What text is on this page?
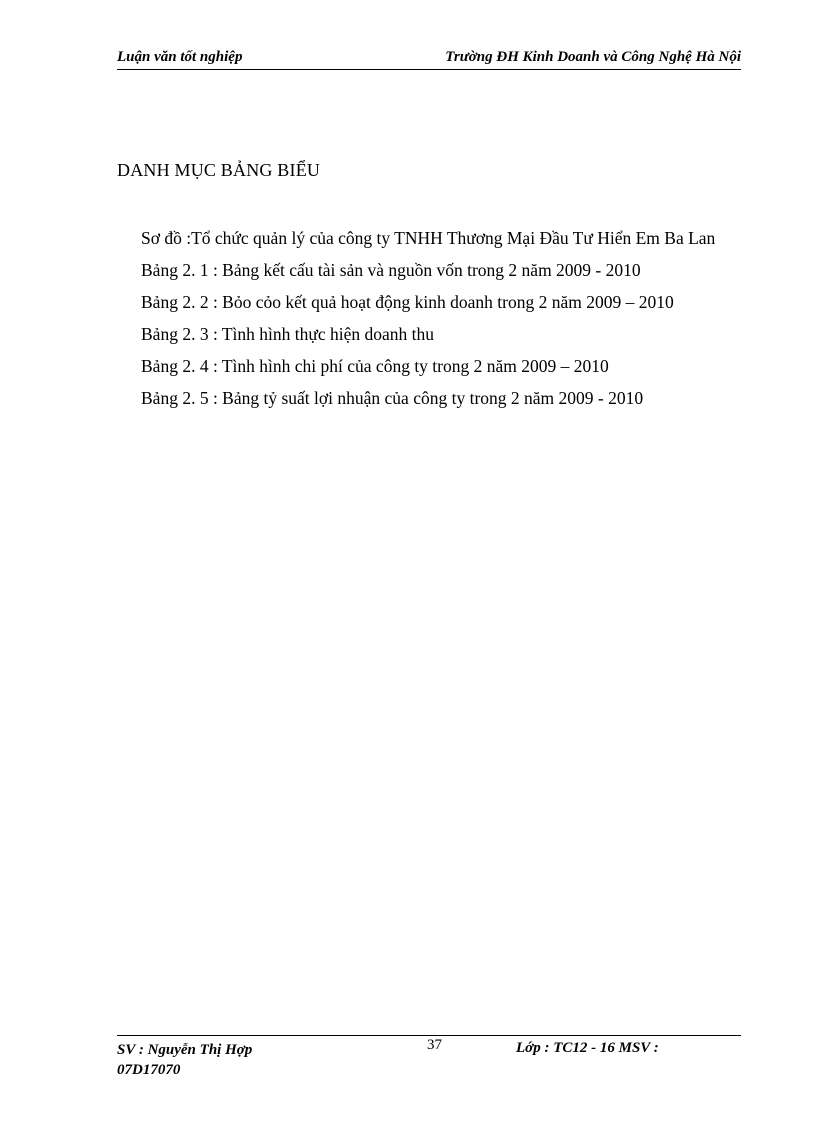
Luận văn tốt nghiệp	Trường ĐH Kinh Doanh và Công Nghệ Hà Nội
DANH MỤC BẢNG BIỂU
Sơ đồ :Tổ chức quản lý của công ty TNHH Thương Mại Đầu Tư Hiển Em Ba Lan
Bảng 2. 1 : Bảng kết cấu tài sản và nguồn vốn trong 2 năm 2009 - 2010
Bảng 2. 2 : Bỏo cỏo kết quả hoạt động kinh doanh trong 2 năm 2009 – 2010
Bảng 2. 3 : Tình hình thực hiện doanh thu
Bảng 2. 4 : Tình hình chi phí của công ty trong 2 năm 2009 – 2010
Bảng 2. 5 : Bảng tỷ suất lợi nhuận của công ty trong 2 năm 2009 - 2010
SV : Nguyễn Thị Hợp
07D17070
37	Lớp : TC12 - 16 MSV :
